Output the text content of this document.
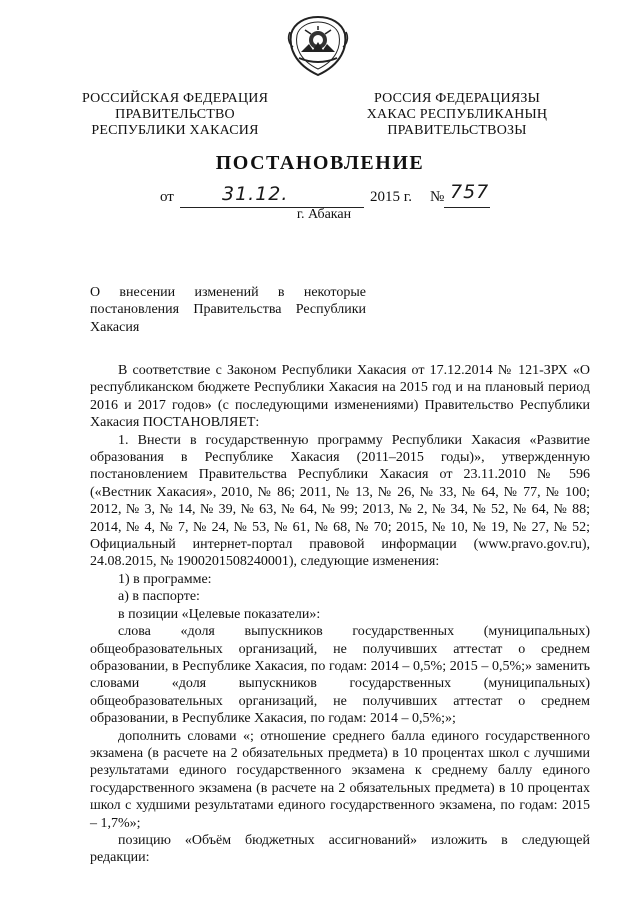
РОССИЙСКАЯ ФЕДЕРАЦИЯ
ПРАВИТЕЛЬСТВО
РЕСПУБЛИКИ ХАКАСИЯ
РОССИЯ ФЕДЕРАЦИЯЗЫ
ХАКАС РЕСПУБЛИКАНЫҢ
ПРАВИТЕЛЬСТВОЗЫ
ПОСТАНОВЛЕНИЕ
от	31.12.	2015 г. № 757
г. Абакан
О внесении изменений в некоторые
постановления Правительства Республики
Хакасия

В соответствие с Законом Республики Хакасия от 17.12.2014 № 121-ЗРХ «О республиканском бюджете Республики Хакасия на 2015 год и на плановый период 2016 и 2017 годов» (с последующими изменениями) Правительство Республики Хакасия ПОСТАНОВЛЯЕТ:

1. Внести в государственную программу Республики Хакасия «Развитие образования в Республике Хакасия (2011–2015 годы)», утвержденную постановлением Правительства Республики Хакасия от 23.11.2010 № 596 («Вестник Хакасия», 2010, № 86; 2011, № 13, № 26, № 33, № 64, № 77, № 100; 2012, № 3, № 14, № 39, № 63, № 64, № 99; 2013, № 2, № 34, № 52, № 64, № 88; 2014, № 4, № 7, № 24, № 53, № 61, № 68, № 70; 2015, № 10, № 19, № 27, № 52; Официальный интернет-портал правовой информации (www.pravo.gov.ru), 24.08.2015, № 1900201508240001), следующие изменения:

1) в программе:

а) в паспорте:

в позиции «Целевые показатели»:

слова «доля выпускников государственных (муниципальных) общеобразовательных организаций, не получивших аттестат о среднем образовании, в Республике Хакасия, по годам: 2014 – 0,5%; 2015 – 0,5%;» заменить словами «доля выпускников государственных (муниципальных) общеобразовательных организаций, не получивших аттестат о среднем образовании, в Республике Хакасия, по годам: 2014 – 0,5%;»;

дополнить словами «; отношение среднего балла единого государственного экзамена (в расчете на 2 обязательных предмета) в 10 процентах школ с лучшими результатами единого государственного экзамена к среднему баллу единого государственного экзамена (в расчете на 2 обязательных предмета) в 10 процентах школ с худшими результатами единого государственного экзамена, по годам: 2015 – 1,7%»;

позицию «Объём бюджетных ассигнований» изложить в следующей редакции:
